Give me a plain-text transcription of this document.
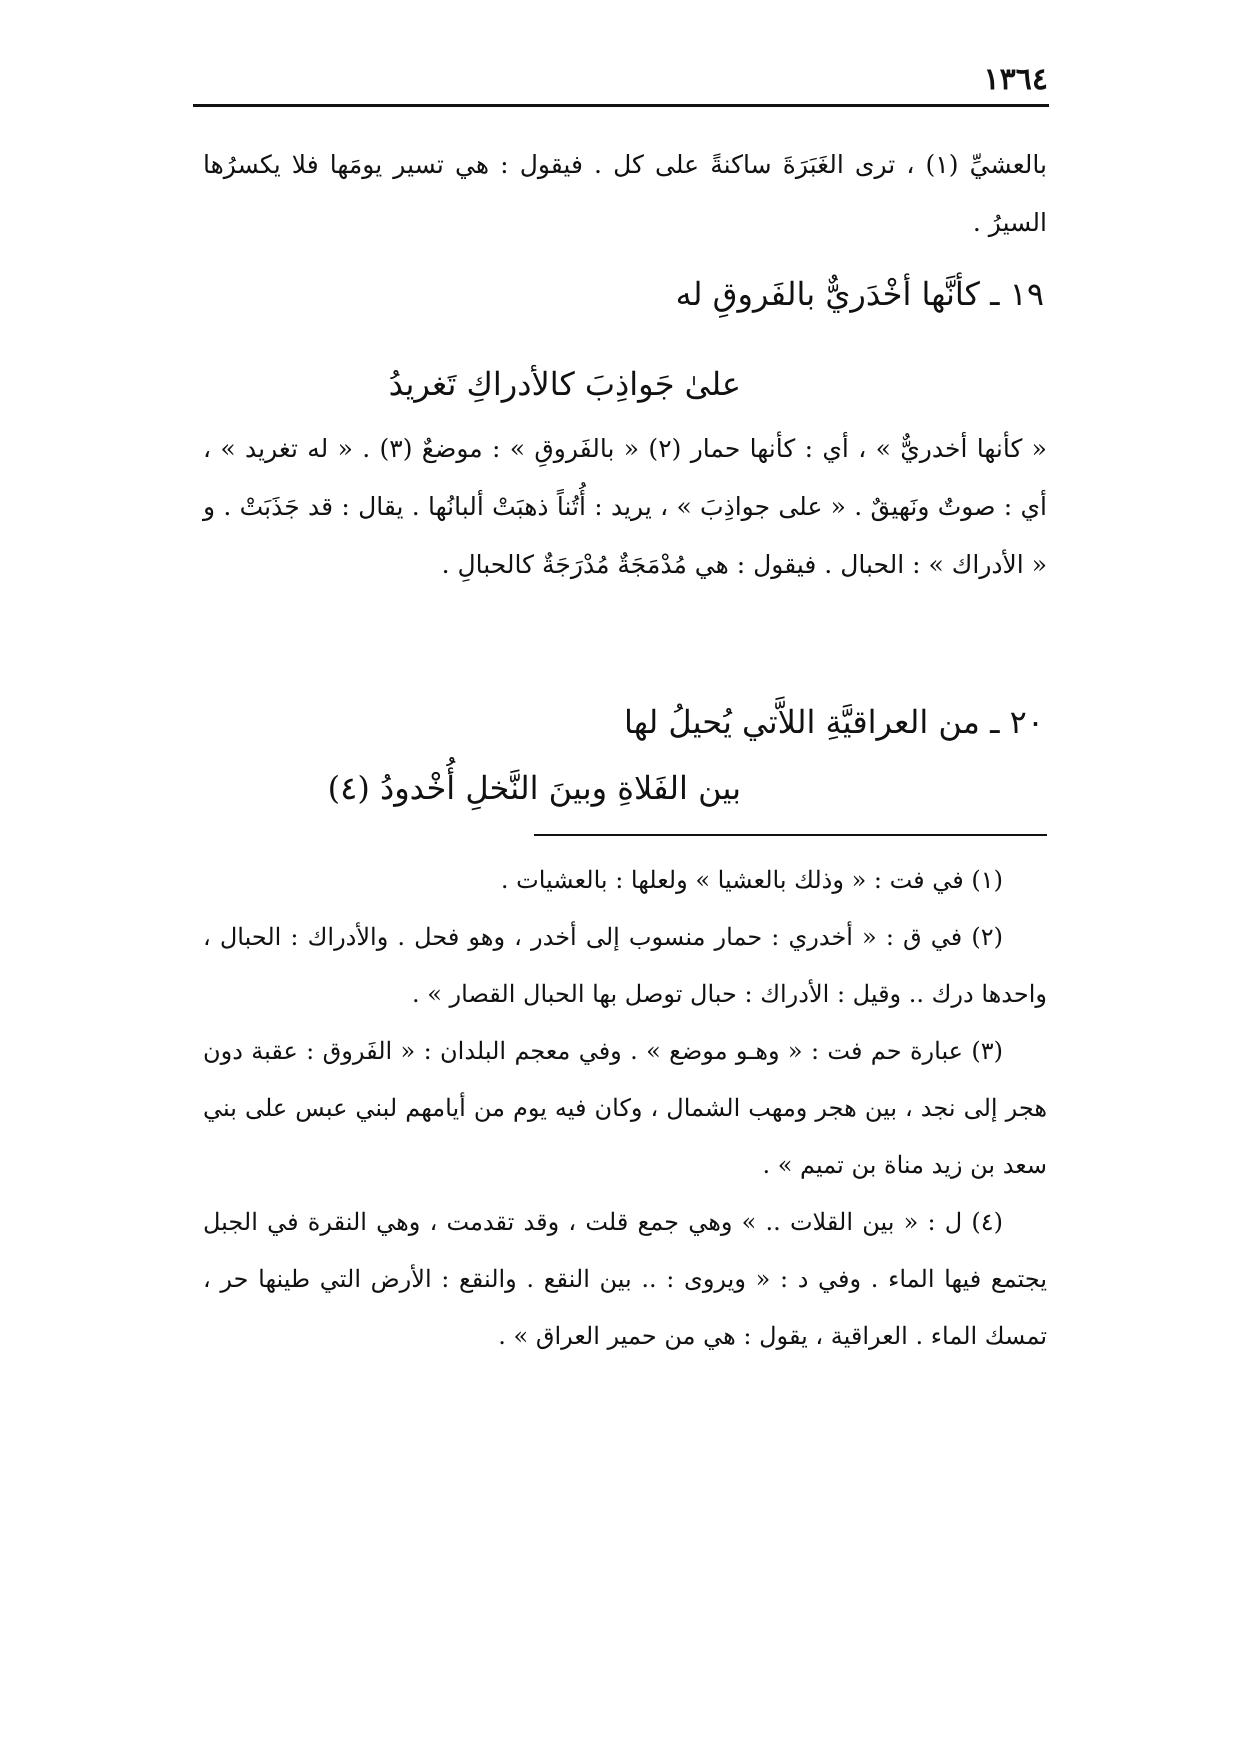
١٣٦٤

بالعشيِّ (١) ، ترى الغَبَرَةَ ساكنةً على كل . فيقول : هي تسير يومَها فلا يكسرُها السيرُ .

١٩ ـ كأنَّها أخْدَريٌّ بالفَروقِ له
علىٰ جَواذِبَ كالأدراكِ تَغريدُ

« كأنها أخدريٌّ » ، أي : كأنها حمار (٢) « بالفَروقِ » : موضعٌ (٣) . « له تغريد » ، أي : صوتٌ ونَهيقٌ . « على جواذِبَ » ، يريد : أُتُناً ذهبَتْ ألبانُها . يقال : قد جَذَبَتْ . و « الأدراك » : الحبال . فيقول : هي مُدْمَجَةٌ مُدْرَجَةٌ كالحبالِ .

٢٠ ـ من العراقيَّةِ اللاَّتي يُحيلُ لها
بين الفَلاةِ وبينَ النَّخلِ أُخْدودُ (٤)

(١) في فت : « وذلك بالعشيا » ولعلها : بالعشيات .

(٢) في ق : « أخدري : حمار منسوب إلى أخدر ، وهو فحل . والأدراك : الحبال ، واحدها درك .. وقيل : الأدراك : حبال توصل بها الحبال القصار » .

(٣) عبارة حم فت : « وهـو موضع » . وفي معجم البلدان : « الفَروق : عقبة دون هجر إلى نجد ، بين هجر ومهب الشمال ، وكان فيه يوم من أيامهم لبني عبس على بني سعد بن زيد مناة بن تميم » .

(٤) ل : « بين القلات .. » وهي جمع قلت ، وقد تقدمت ، وهي النقرة في الجبل يجتمع فيها الماء . وفي د : « ويروى : .. بين النقع . والنقع : الأرض التي طينها حر ، تمسك الماء . العراقية ، يقول : هي من حمير العراق » .
